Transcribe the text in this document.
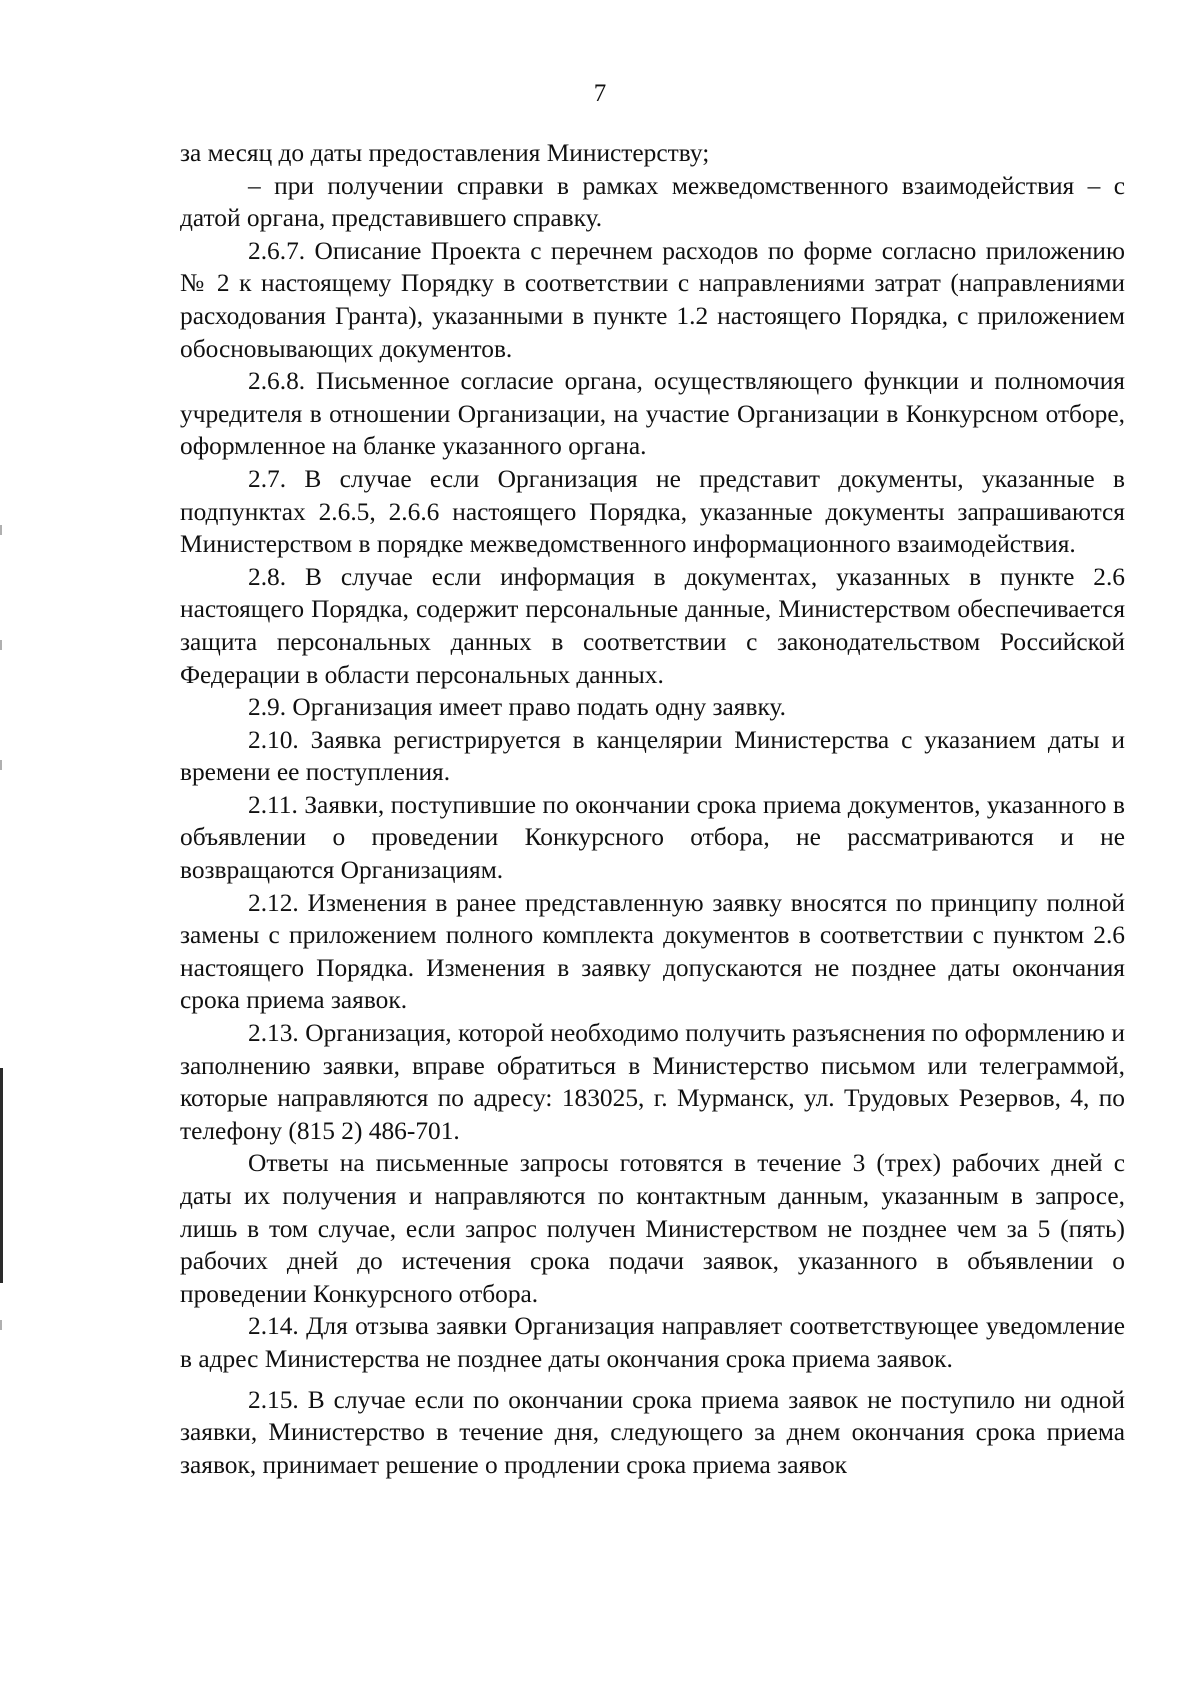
7

за месяц до даты предоставления Министерству;

– при получении справки в рамках межведомственного взаимодействия – с датой органа, представившего справку.

2.6.7. Описание Проекта с перечнем расходов по форме согласно приложению № 2 к настоящему Порядку в соответствии с направлениями затрат (направлениями расходования Гранта), указанными в пункте 1.2 настоящего Порядка, с приложением обосновывающих документов.

2.6.8. Письменное согласие органа, осуществляющего функции и полномочия учредителя в отношении Организации, на участие Организации в Конкурсном отборе, оформленное на бланке указанного органа.

2.7. В случае если Организация не представит документы, указанные в подпунктах 2.6.5, 2.6.6 настоящего Порядка, указанные документы запрашиваются Министерством в порядке межведомственного информационного взаимодействия.

2.8. В случае если информация в документах, указанных в пункте 2.6 настоящего Порядка, содержит персональные данные, Министерством обеспечивается защита персональных данных в соответствии с законодательством Российской Федерации в области персональных данных.

2.9. Организация имеет право подать одну заявку.

2.10. Заявка регистрируется в канцелярии Министерства с указанием даты и времени ее поступления.

2.11. Заявки, поступившие по окончании срока приема документов, указанного в объявлении о проведении Конкурсного отбора, не рассматриваются и не возвращаются Организациям.

2.12. Изменения в ранее представленную заявку вносятся по принципу полной замены с приложением полного комплекта документов в соответствии с пунктом 2.6 настоящего Порядка. Изменения в заявку допускаются не позднее даты окончания срока приема заявок.

2.13. Организация, которой необходимо получить разъяснения по оформлению и заполнению заявки, вправе обратиться в Министерство письмом или телеграммой, которые направляются по адресу: 183025, г. Мурманск, ул. Трудовых Резервов, 4, по телефону (815 2) 486-701.

Ответы на письменные запросы готовятся в течение 3 (трех) рабочих дней с даты их получения и направляются по контактным данным, указанным в запросе, лишь в том случае, если запрос получен Министерством не позднее чем за 5 (пять) рабочих дней до истечения срока подачи заявок, указанного в объявлении о проведении Конкурсного отбора.

2.14. Для отзыва заявки Организация направляет соответствующее уведомление в адрес Министерства не позднее даты окончания срока приема заявок.

2.15. В случае если по окончании срока приема заявок не поступило ни одной заявки, Министерство в течение дня, следующего за днем окончания срока приема заявок, принимает решение о продлении срока приема заявок
